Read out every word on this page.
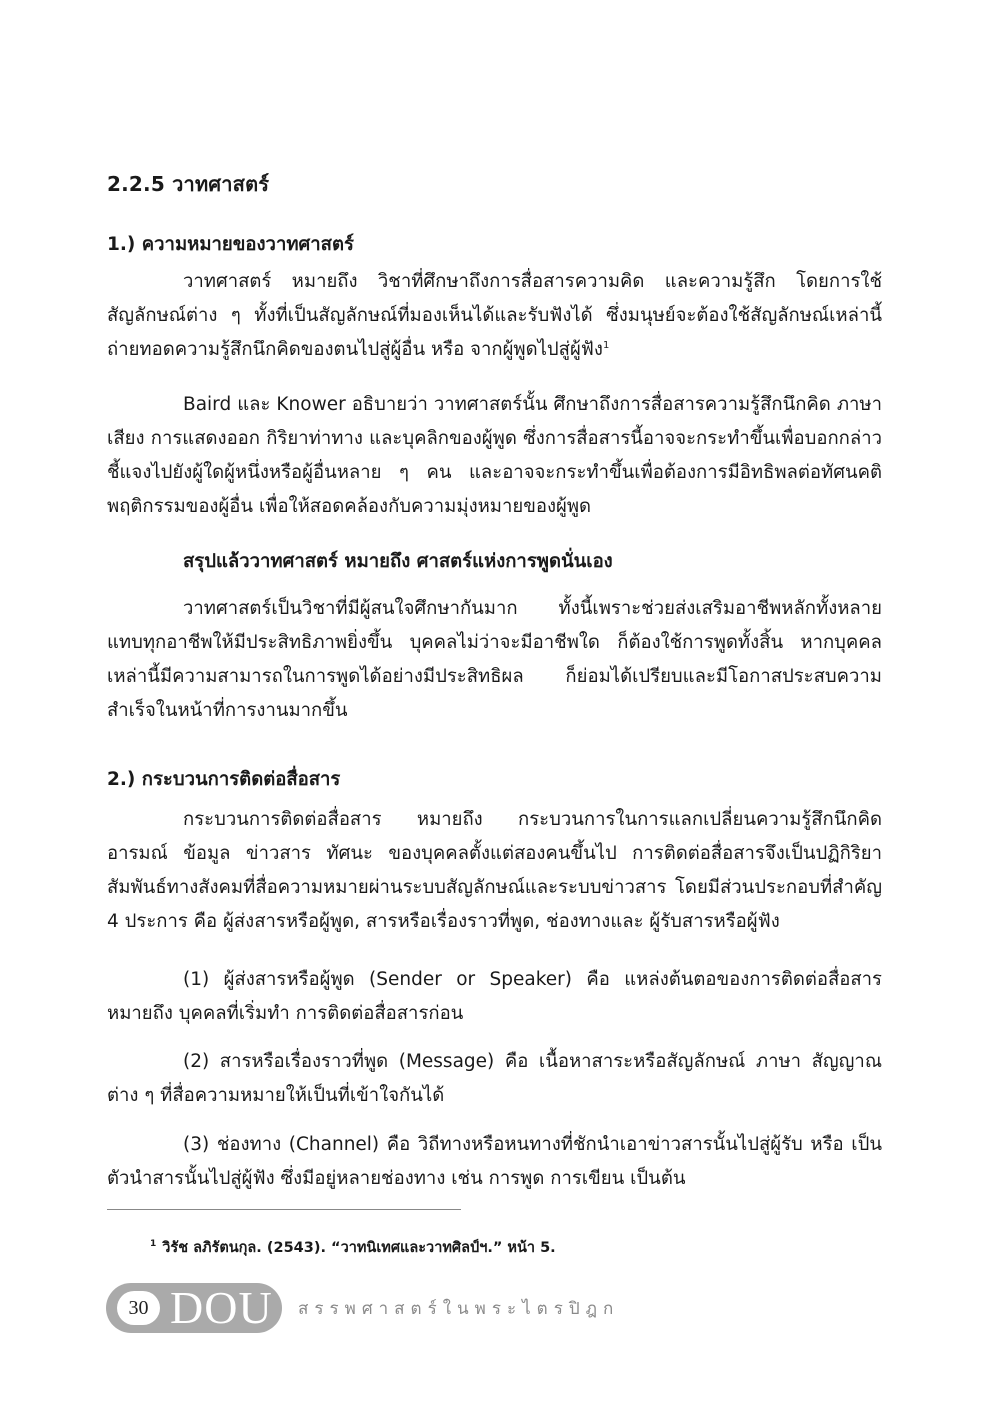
2.2.5 วาทศาสตร์
1.) ความหมายของวาทศาสตร์

วาทศาสตร์ หมายถึง วิชาที่ศึกษาถึงการสื่อสารความคิด และความรู้สึก โดยการใช้สัญลักษณ์ต่าง ๆ ทั้งที่เป็นสัญลักษณ์ที่มองเห็นได้และรับฟังได้ ซึ่งมนุษย์จะต้องใช้สัญลักษณ์เหล่านี้ถ่ายทอดความรู้สึกนึกคิดของตนไปสู่ผู้อื่น หรือ จากผู้พูดไปสู่ผู้ฟัง$^1$

Baird และ Knower อธิบายว่า วาทศาสตร์นั้น ศึกษาถึงการสื่อสารความรู้สึกนึกคิด ภาษา เสียง การแสดงออก กิริยาท่าทาง และบุคลิกของผู้พูด ซึ่งการสื่อสารนี้อาจจะกระทำขึ้นเพื่อบอกกล่าวชี้แจงไปยังผู้ใดผู้หนึ่งหรือผู้อื่นหลาย ๆ คน และอาจจะกระทำขึ้นเพื่อต้องการมีอิทธิพลต่อทัศนคติ พฤติกรรมของผู้อื่น เพื่อให้สอดคล้องกับความมุ่งหมายของผู้พูด

สรุปแล้ววาทศาสตร์ หมายถึง ศาสตร์แห่งการพูดนั่นเอง

วาทศาสตร์เป็นวิชาที่มีผู้สนใจศึกษากันมาก ทั้งนี้เพราะช่วยส่งเสริมอาชีพหลักทั้งหลายแทบทุกอาชีพให้มีประสิทธิภาพยิ่งขึ้น บุคคลไม่ว่าจะมีอาชีพใด ก็ต้องใช้การพูดทั้งสิ้น หากบุคคลเหล่านี้มีความสามารถในการพูดได้อย่างมีประสิทธิผล ก็ย่อมได้เปรียบและมีโอกาสประสบความสำเร็จในหน้าที่การงานมากขึ้น

2.) กระบวนการติดต่อสื่อสาร

กระบวนการติดต่อสื่อสาร หมายถึง กระบวนการในการแลกเปลี่ยนความรู้สึกนึกคิด อารมณ์ ข้อมูล ข่าวสาร ทัศนะ ของบุคคลตั้งแต่สองคนขึ้นไป การติดต่อสื่อสารจึงเป็นปฏิกิริยาสัมพันธ์ทางสังคมที่สื่อความหมายผ่านระบบสัญลักษณ์และระบบข่าวสาร โดยมีส่วนประกอบที่สำคัญ 4 ประการ คือ ผู้ส่งสารหรือผู้พูด, สารหรือเรื่องราวที่พูด, ช่องทางและ ผู้รับสารหรือผู้ฟัง

(1) ผู้ส่งสารหรือผู้พูด (Sender or Speaker) คือ แหล่งต้นตอของการติดต่อสื่อสาร หมายถึง บุคคลที่เริ่มทำ การติดต่อสื่อสารก่อน

(2) สารหรือเรื่องราวที่พูด (Message) คือ เนื้อหาสาระหรือสัญลักษณ์ ภาษา สัญญาณต่าง ๆ ที่สื่อความหมายให้เป็นที่เข้าใจกันได้

(3) ช่องทาง (Channel) คือ วิถีทางหรือหนทางที่ชักนำเอาข่าวสารนั้นไปสู่ผู้รับ หรือ เป็นตัวนำสารนั้นไปสู่ผู้ฟัง ซึ่งมีอยู่หลายช่องทาง เช่น การพูด การเขียน เป็นต้น

$^1$ วิรัช ลภิรัตนกุล. (2543). “วาทนิเทศและวาทศิลป์ฯ.” หน้า 5.
30 DOU สรรพศาสตร์ในพระไตรปิฎก
